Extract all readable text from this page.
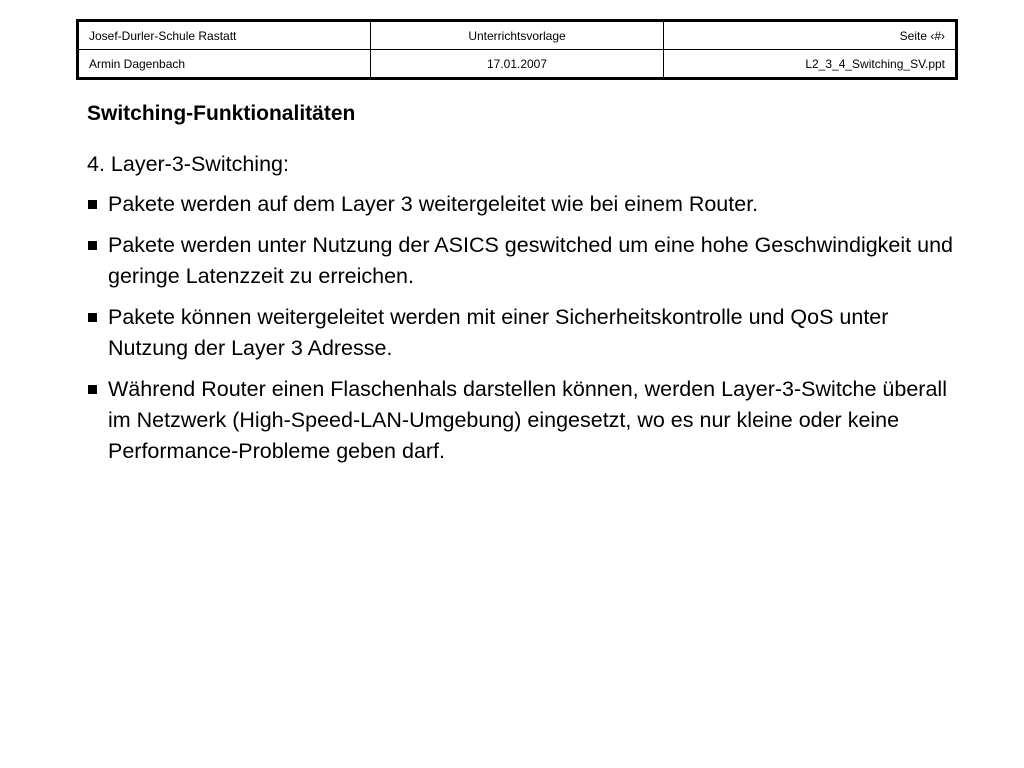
Josef-Durler-Schule Rastatt	Unterrichtsvorlage	Seite ‹#›
Armin Dagenbach	17.01.2007	L2_3_4_Switching_SV.ppt
Switching-Funktionalitäten

4. Layer-3-Switching:

Pakete werden auf dem Layer 3 weitergeleitet wie bei einem Router.
Pakete werden unter Nutzung der ASICS geswitched um eine hohe Geschwindigkeit und geringe Latenzzeit zu erreichen.
Pakete können weitergeleitet werden mit einer Sicherheitskontrolle und QoS unter Nutzung der Layer 3 Adresse.
Während Router einen Flaschenhals darstellen können, werden Layer-3-Switche überall im Netzwerk (High-Speed-LAN-Umgebung) eingesetzt, wo es nur kleine oder keine Performance-Probleme geben darf.
